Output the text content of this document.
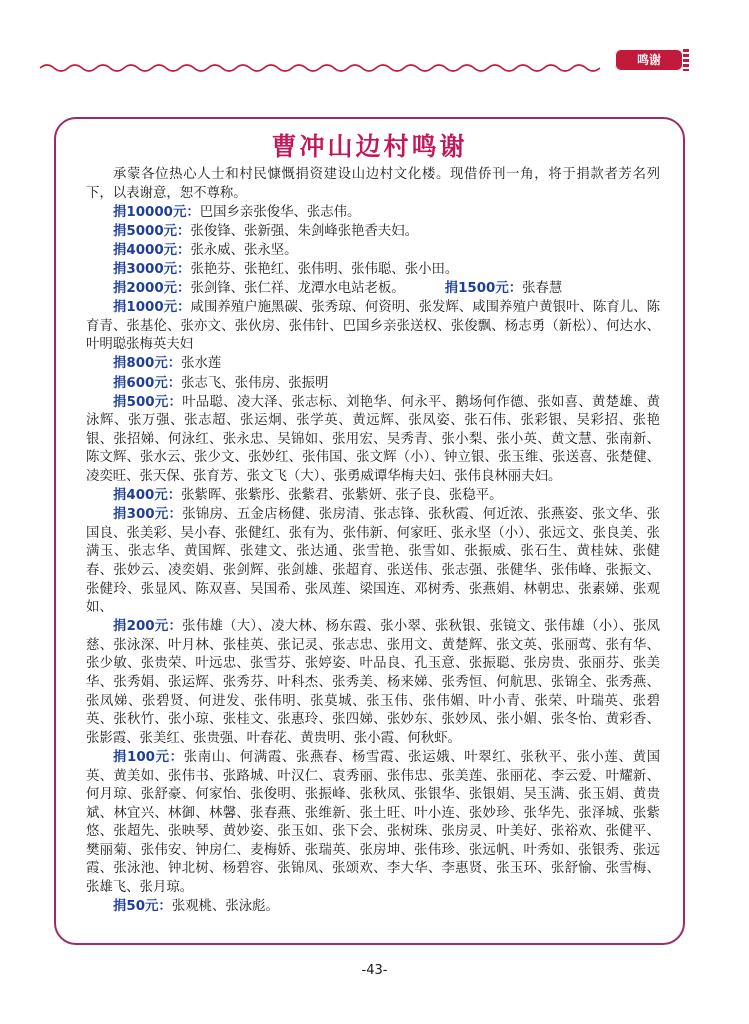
鸣谢
曹冲山边村鸣谢

承蒙各位热心人士和村民慷慨捐资建设山边村文化楼。现借侨刊一角，将于捐款者芳名列下，以表谢意，恕不尊称。

捐10000元：巴国乡亲张俊华、张志伟。

捐5000元：张俊锋、张新强、朱剑峰张艳香夫妇。

捐4000元：张永威、张永坚。

捐3000元：张艳芬、张艳红、张伟明、张伟聪、张小田。

捐2000元：张剑锋、张仁祥、龙潭水电站老板。	捐1500元：张春慧

捐1000元：咸围养殖户施黑碳、张秀琼、何资明、张发辉、咸围养殖户黄银叶、陈育儿、陈育青、张基伦、张亦文、张伙房、张伟针、巴国乡亲张送权、张俊飘、杨志勇（新松）、何达水、叶明聪张梅英夫妇

捐800元：张水莲

捐600元：张志飞、张伟房、张振明

捐500元：叶品聪、凌大泽、张志标、刘艳华、何永平、鹅场何作德、张如喜、黄楚雄、黄泳辉、张万强、张志超、张运炯、张学英、黄远辉、张凤姿、张石伟、张彩银、吴彩招、张艳银、张招娣、何泳红、张永忠、吴锦如、张用宏、吴秀青、张小梨、张小英、黄文慧、张南新、陈文辉、张水云、张少文、张妙红、张伟国、张文辉（小）、钟立银、张玉维、张送喜、张楚健、凌奕旺、张天保、张育芳、张文飞（大）、张勇威谭华梅夫妇、张伟良林丽夫妇。

捐400元：张紫晖、张紫彤、张紫君、张紫妍、张子良、张稳平。

捐300元：张锦房、五金店杨健、张房清、张志锋、张秋霞、何近浓、张燕姿、张文华、张国良、张美彩、吴小春、张健红、张有为、张伟新、何家旺、张永坚（小）、张远文、张良美、张满玉、张志华、黄国辉、张建文、张达通、张雪艳、张雪如、张振威、张石生、黄桂妹、张健春、张妙云、凌奕娟、张剑辉、张剑雄、张超育、张送伟、张志强、张健华、张伟峰、张振文、张健玲、张显风、陈双喜、吴国希、张凤莲、梁国连、邓树秀、张燕娟、林朝忠、张素娣、张观如、

捐200元：张伟雄（大）、凌大林、杨东霞、张小翠、张秋银、张镜文、张伟雄（小）、张凤慈、张泳深、叶月林、张桂英、张记灵、张志忠、张用文、黄楚辉、张文英、张丽莺、张有华、张少敏、张贵荣、叶远忠、张雪芬、张婷姿、叶品良、孔玉意、张振聪、张房贵、张丽芬、张美华、张秀娟、张运辉、张秀芬、叶科杰、张秀美、杨来娣、张秀恒、何航思、张锦全、张秀燕、张凤娣、张碧贤、何进发、张伟明、张莫城、张玉伟、张伟媚、叶小青、张荣、叶瑞英、张碧英、张秋竹、张小琼、张桂文、张惠玲、张四娣、张妙东、张妙凤、张小媚、张冬怡、黄彩香、张影霞、张美红、张贵强、叶春花、黄贵明、张小霞、何秋虾。

捐100元：张南山、何满霞、张燕春、杨雪霞、张运娥、叶翠红、张秋平、张小莲、黄国英、黄美如、张伟书、张路城、叶汉仁、袁秀丽、张伟忠、张美莲、张丽花、李云爱、叶耀新、何月琼、张舒豪、何家怡、张俊明、张振峰、张秋凤、张银华、张银娟、吴玉满、张玉娟、黄贵斌、林宜兴、林御、林馨、张春燕、张维新、张土旺、叶小连、张妙珍、张华先、张泽城、张紫悠、张超先、张映琴、黄妙姿、张玉如、张下会、张树珠、张房灵、叶美好、张裕欢、张健平、樊丽菊、张伟安、钟房仁、麦梅娇、张瑞英、张房坤、张伟珍、张远帆、叶秀如、张银秀、张远霞、张泳池、钟北树、杨碧容、张锦凤、张颂欢、李大华、李惠贤、张玉环、张舒愉、张雪梅、张雄飞、张月琼。

捐50元：张观桃、张泳彪。

-43-
